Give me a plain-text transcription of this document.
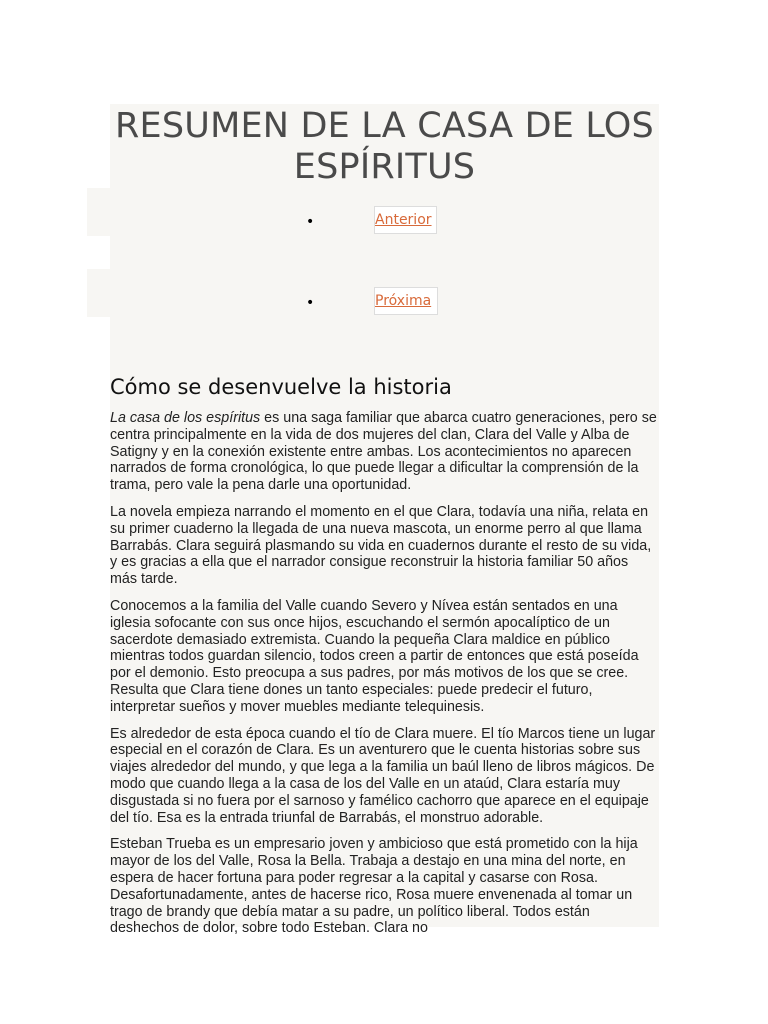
RESUMEN DE LA CASA DE LOS ESPÍRITUS
•	Anterior
•	Próxima
Cómo se desenvuelve la historia

La casa de los espíritus es una saga familiar que abarca cuatro generaciones, pero se centra principalmente en la vida de dos mujeres del clan, Clara del Valle y Alba de Satigny y en la conexión existente entre ambas. Los acontecimientos no aparecen narrados de forma cronológica, lo que puede llegar a dificultar la comprensión de la trama, pero vale la pena darle una oportunidad.

La novela empieza narrando el momento en el que Clara, todavía una niña, relata en su primer cuaderno la llegada de una nueva mascota, un enorme perro al que llama Barrabás. Clara seguirá plasmando su vida en cuadernos durante el resto de su vida, y es gracias a ella que el narrador consigue reconstruir la historia familiar 50 años más tarde.

Conocemos a la familia del Valle cuando Severo y Nívea están sentados en una iglesia sofocante con sus once hijos, escuchando el sermón apocalíptico de un sacerdote demasiado extremista. Cuando la pequeña Clara maldice en público mientras todos guardan silencio, todos creen a partir de entonces que está poseída por el demonio. Esto preocupa a sus padres, por más motivos de los que se cree. Resulta que Clara tiene dones un tanto especiales: puede predecir el futuro, interpretar sueños y mover muebles mediante telequinesis.

Es alrededor de esta época cuando el tío de Clara muere. El tío Marcos tiene un lugar especial en el corazón de Clara. Es un aventurero que le cuenta historias sobre sus viajes alrededor del mundo, y que lega a la familia un baúl lleno de libros mágicos. De modo que cuando llega a la casa de los del Valle en un ataúd, Clara estaría muy disgustada si no fuera por el sarnoso y famélico cachorro que aparece en el equipaje del tío. Esa es la entrada triunfal de Barrabás, el monstruo adorable.

Esteban Trueba es un empresario joven y ambicioso que está prometido con la hija mayor de los del Valle, Rosa la Bella. Trabaja a destajo en una mina del norte, en espera de hacer fortuna para poder regresar a la capital y casarse con Rosa. Desafortunadamente, antes de hacerse rico, Rosa muere envenenada al tomar un trago de brandy que debía matar a su padre, un político liberal. Todos están deshechos de dolor, sobre todo Esteban. Clara no
